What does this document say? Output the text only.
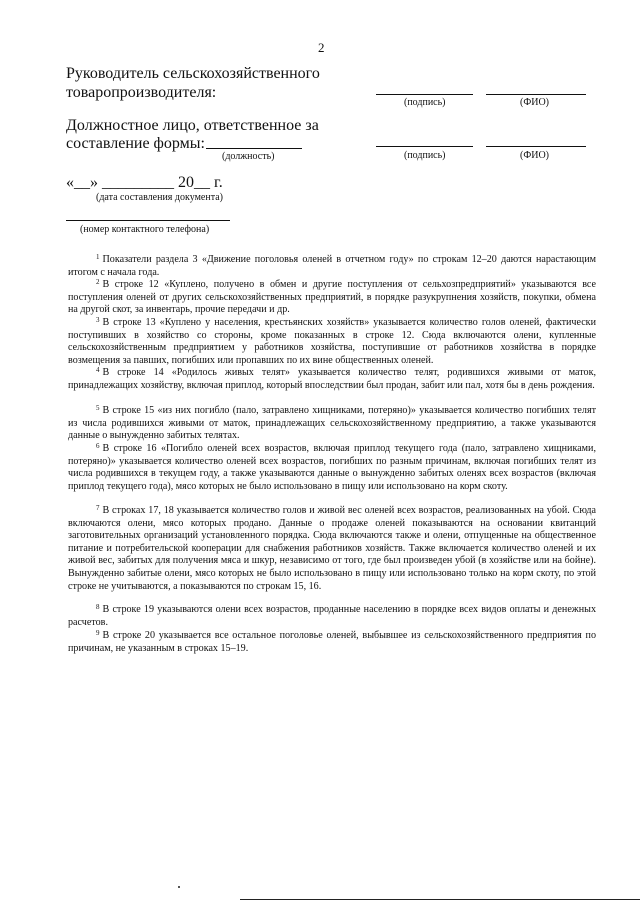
2
Руководитель сельскохозяйственного
товаропроизводителя:
(подпись)	(ФИО)
Должностное лицо, ответственное за
составление формы:
(должность)	(подпись)	(ФИО)
«__» _________ 20__ г.
(дата составления документа)
(номер контактного телефона)

$^1$ Показатели раздела 3 «Движение поголовья оленей в отчетном году» по строкам 12–20 даются нарастающим итогом с начала года.

$^2$ В строке 12 «Куплено, получено в обмен и другие поступления от сельхозпредприятий» указываются все поступления оленей от других сельскохозяйственных предприятий, в порядке разукрупнения хозяйств, покупки, обмена на другой скот, за инвентарь, прочие передачи и др.

$^3$ В строке 13 «Куплено у населения, крестьянских хозяйств» указывается количество голов оленей, фактически поступивших в хозяйство со стороны, кроме показанных в строке 12. Сюда включаются олени, купленные сельскохозяйственным предприятием у работников хозяйства, поступившие от работников хозяйства в порядке возмещения за павших, погибших или пропавших по их вине общественных оленей.

$^4$ В строке 14 «Родилось живых телят» указывается количество телят, родившихся живыми от маток, принадлежащих хозяйству, включая приплод, который впоследствии был продан, забит или пал, хотя бы в день рождения.

$^5$ В строке 15 «из них погибло (пало, затравлено хищниками, потеряно)» указывается количество погибших телят из числа родившихся живыми от маток, принадлежащих сельскохозяйственному предприятию, а также указываются данные о вынужденно забитых телятах.

$^6$ В строке 16 «Погибло оленей всех возрастов, включая приплод текущего года (пало, затравлено хищниками, потеряно)» указывается количество оленей всех возрастов, погибших по разным причинам, включая погибших телят из числа родившихся в текущем году, а также указываются данные о вынужденно забитых оленях всех возрастов (включая приплод текущего года), мясо которых не было использовано в пищу или использовано на корм скоту.

$^7$ В строках 17, 18 указывается количество голов и живой вес оленей всех возрастов, реализованных на убой. Сюда включаются олени, мясо которых продано. Данные о продаже оленей показываются на основании квитанций заготовительных организаций установленного порядка. Сюда включаются также и олени, отпущенные на общественное питание и потребительской кооперации для снабжения работников хозяйств. Также включается количество оленей и их живой вес, забитых для получения мяса и шкур, независимо от того, где был произведен убой (в хозяйстве или на бойне). Вынужденно забитые олени, мясо которых не было использовано в пищу или использовано только на корм скоту, по этой строке не учитываются, а показываются по строкам 15, 16.

$^8$ В строке 19 указываются олени всех возрастов, проданные населению в порядке всех видов оплаты и денежных расчетов.

$^9$ В строке 20 указывается все остальное поголовье оленей, выбывшее из сельскохозяйственного предприятия по причинам, не указанным в строках 15–19.
